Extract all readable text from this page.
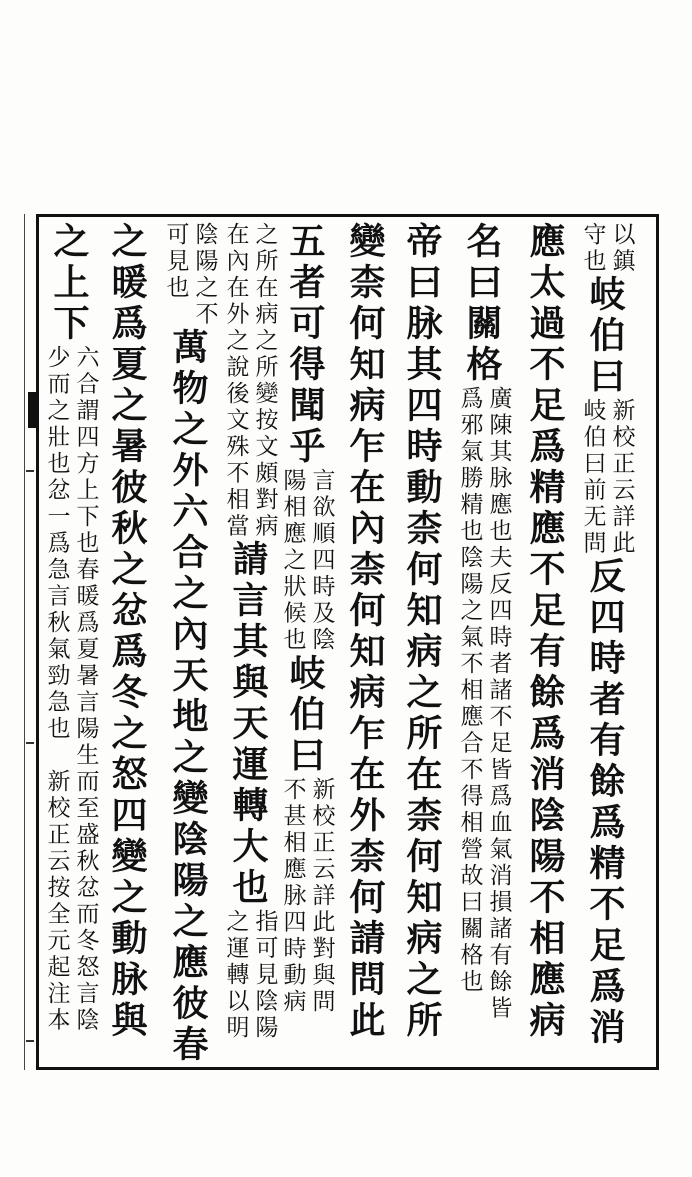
以鎮
守也
岐伯曰
新校正云詳此
岐伯曰前无問
反四時者有餘爲精不足爲消
應太過不足爲精應不足有餘爲消陰陽不相應病
名曰關格
廣陳其脉應也夫反四時者諸不足皆爲血氣消損諸有餘皆
爲邪氣勝精也陰陽之氣不相應合不得相營故曰關格也
帝曰脉其四時動柰何知病之所在柰何知病之所
變柰何知病乍在內柰何知病乍在外柰何請問此
五者可得聞乎
言欲順四時及陰
陽相應之狀候也
岐伯曰
新校正云詳此對與問
不甚相應脉四時動病
之所在病之所變按文頗對病
在內在外之說後文殊不相當
請言其與天運轉大也
指可見陰陽
之運轉以明
陰陽之不
可見也
萬物之外六合之內天地之變陰陽之應彼春
之暖爲夏之暑彼秋之忿爲冬之怒四變之動脉與
之上下
六合謂四方上下也春暖爲夏暑言陽生而至盛秋忿而冬怒言陰
少而之壯也忿一爲急言秋氣勁急也　新校正云按全元起注本
